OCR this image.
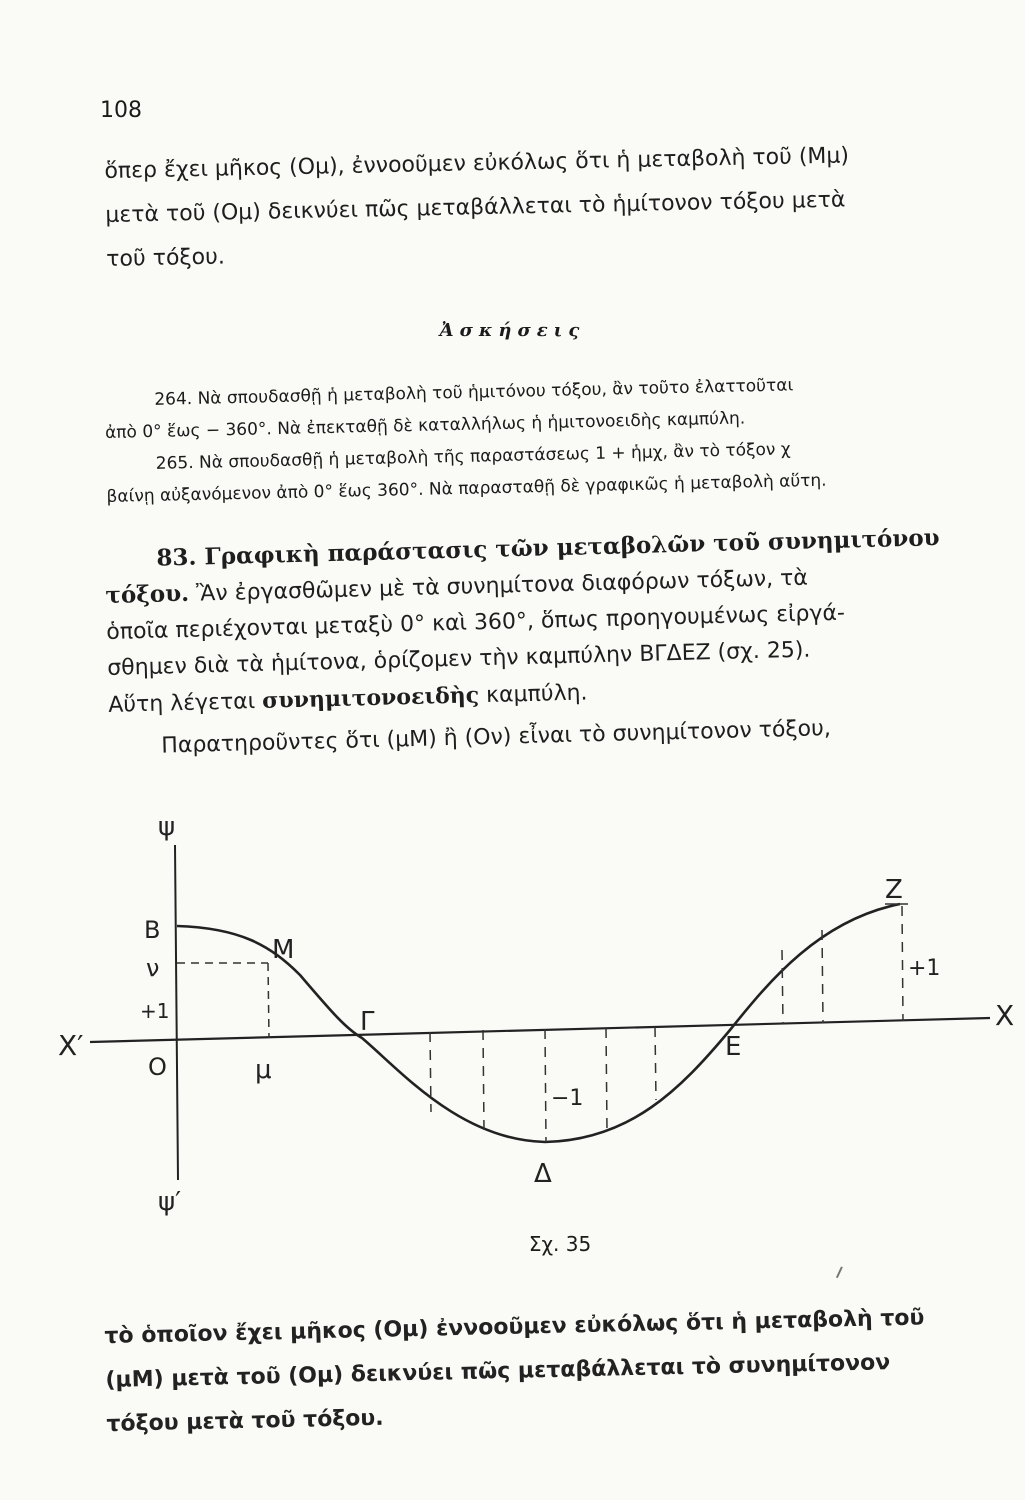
108

ὅπερ ἔχει μῆκος (Ομ), ἐννοοῦμεν εὐκόλως ὅτι ἡ μεταβολὴ τοῦ (Μμ)

μετὰ τοῦ (Ομ) δεικνύει πῶς μεταβάλλεται τὸ ἡμίτονον τόξου μετὰ

τοῦ τόξου.

Ἀσκήσεις

264. Νὰ σπουδασθῇ ἡ μεταβολὴ τοῦ ἡμιτόνου τόξου, ἂν τοῦτο ἐλαττοῦται

ἀπὸ 0° ἕως − 360°. Νὰ ἐπεκταθῇ δὲ καταλλήλως ἡ ἡμιτονοειδὴς καμπύλη.

265. Νὰ σπουδασθῇ ἡ μεταβολὴ τῆς παραστάσεως 1 + ἡμχ, ἂν τὸ τόξον χ

βαίνῃ αὐξανόμενον ἀπὸ 0° ἕως 360°. Νὰ παρασταθῇ δὲ γραφικῶς ἡ μεταβολὴ αὕτη.

83. Γραφικὴ παράστασις τῶν μεταβολῶν τοῦ συνημιτόνου

τόξου. Ἂν ἐργασθῶμεν μὲ τὰ συνημίτονα διαφόρων τόξων, τὰ

ὁποῖα περιέχονται μεταξὺ 0° καὶ 360°, ὅπως προηγουμένως εἰργά-

σθημεν διὰ τὰ ἡμίτονα, ὁρίζομεν τὴν καμπύλην ΒΓΔΕΖ (σχ. 25).

Αὕτη λέγεται συνημιτονοειδὴς καμπύλη.

Παρατηροῦντες ὅτι (μΜ) ἢ (Ον) εἶναι τὸ συνημίτονον τόξου,

ψ
ψ′
X
X′
O
B
ν
+1
M
μ
Γ
Δ
−1
E
Z
+1
Σχ. 35

τὸ ὁποῖον ἔχει μῆκος (Ομ) ἐννοοῦμεν εὐκόλως ὅτι ἡ μεταβολὴ τοῦ

(μΜ) μετὰ τοῦ (Ομ) δεικνύει πῶς μεταβάλλεται τὸ συνημίτονον

τόξου μετὰ τοῦ τόξου.
